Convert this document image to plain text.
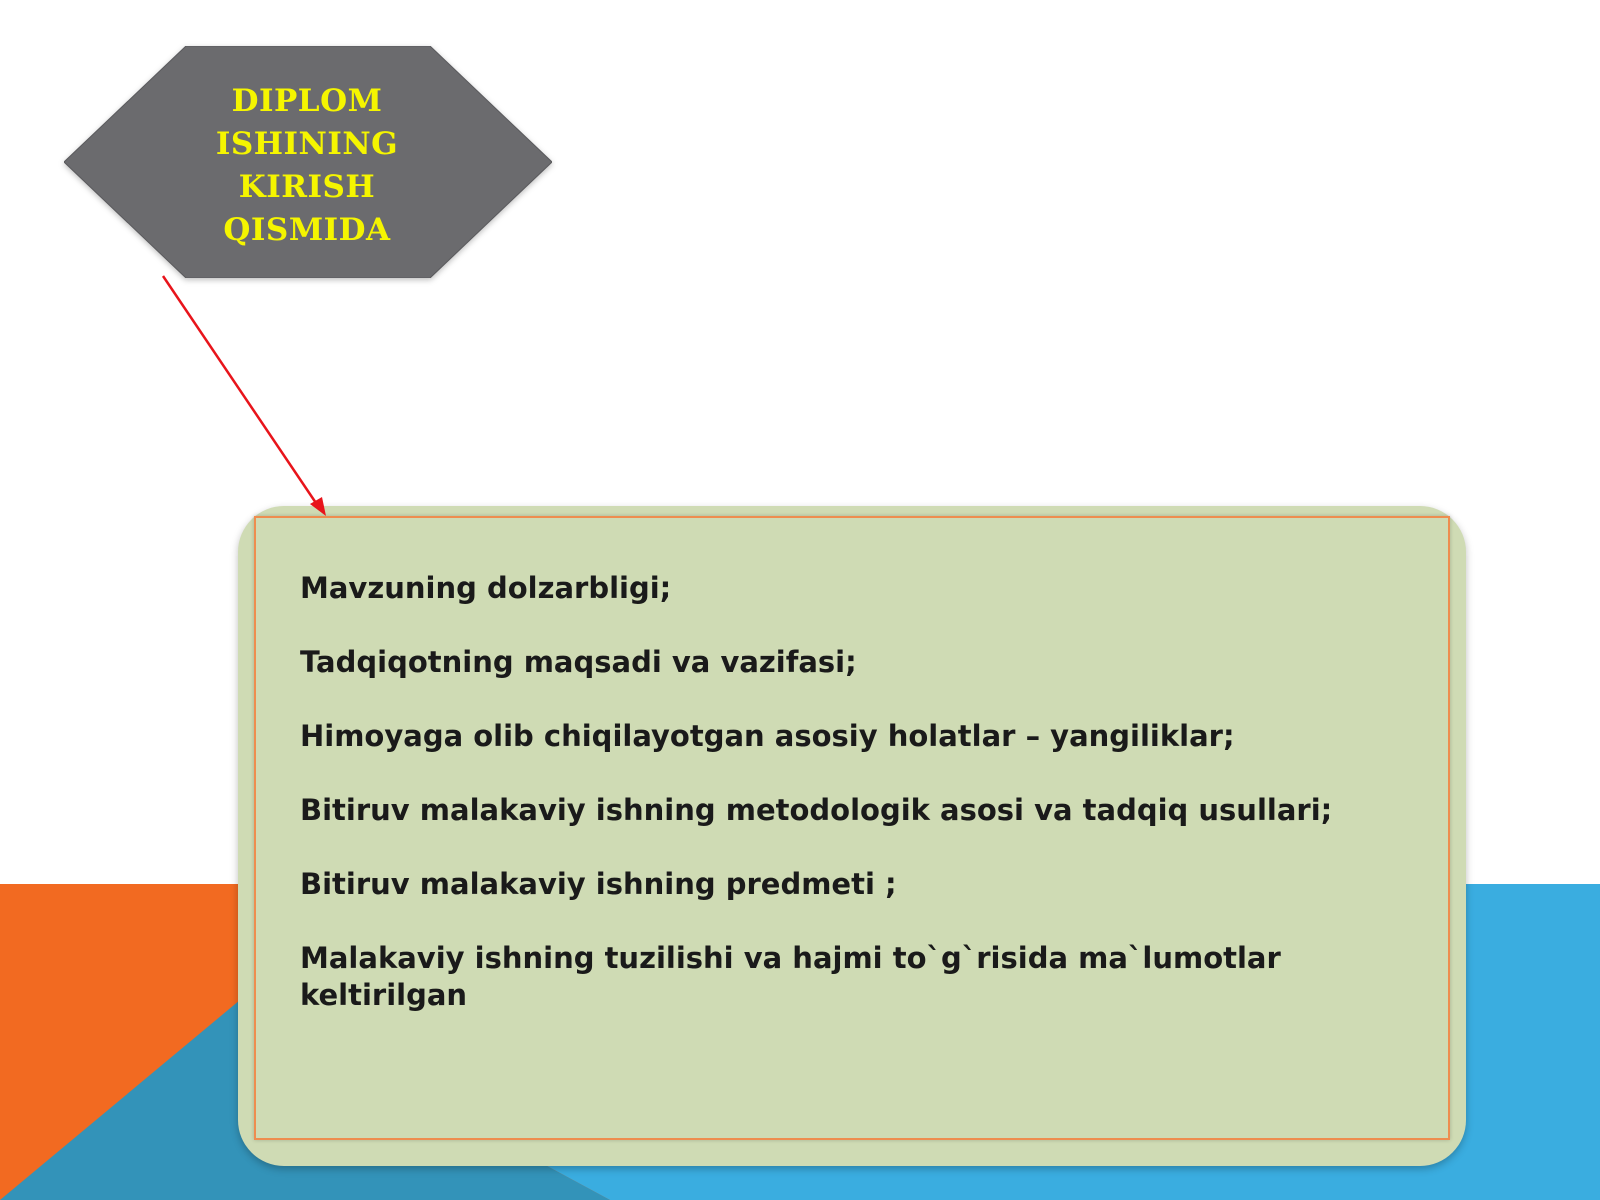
DIPLOM
ISHINING
KIRISH
QISMIDA
Mavzuning dolzarbligi;
Tadqiqotning maqsadi va vazifasi;
Himoyaga olib chiqilayotgan asosiy holatlar – yangiliklar;
Bitiruv malakaviy ishning metodologik asosi va tadqiq usullari;
Bitiruv malakaviy ishning predmeti ;
Malakaviy ishning tuzilishi va hajmi to`g`risida ma`lumotlar keltirilgan
